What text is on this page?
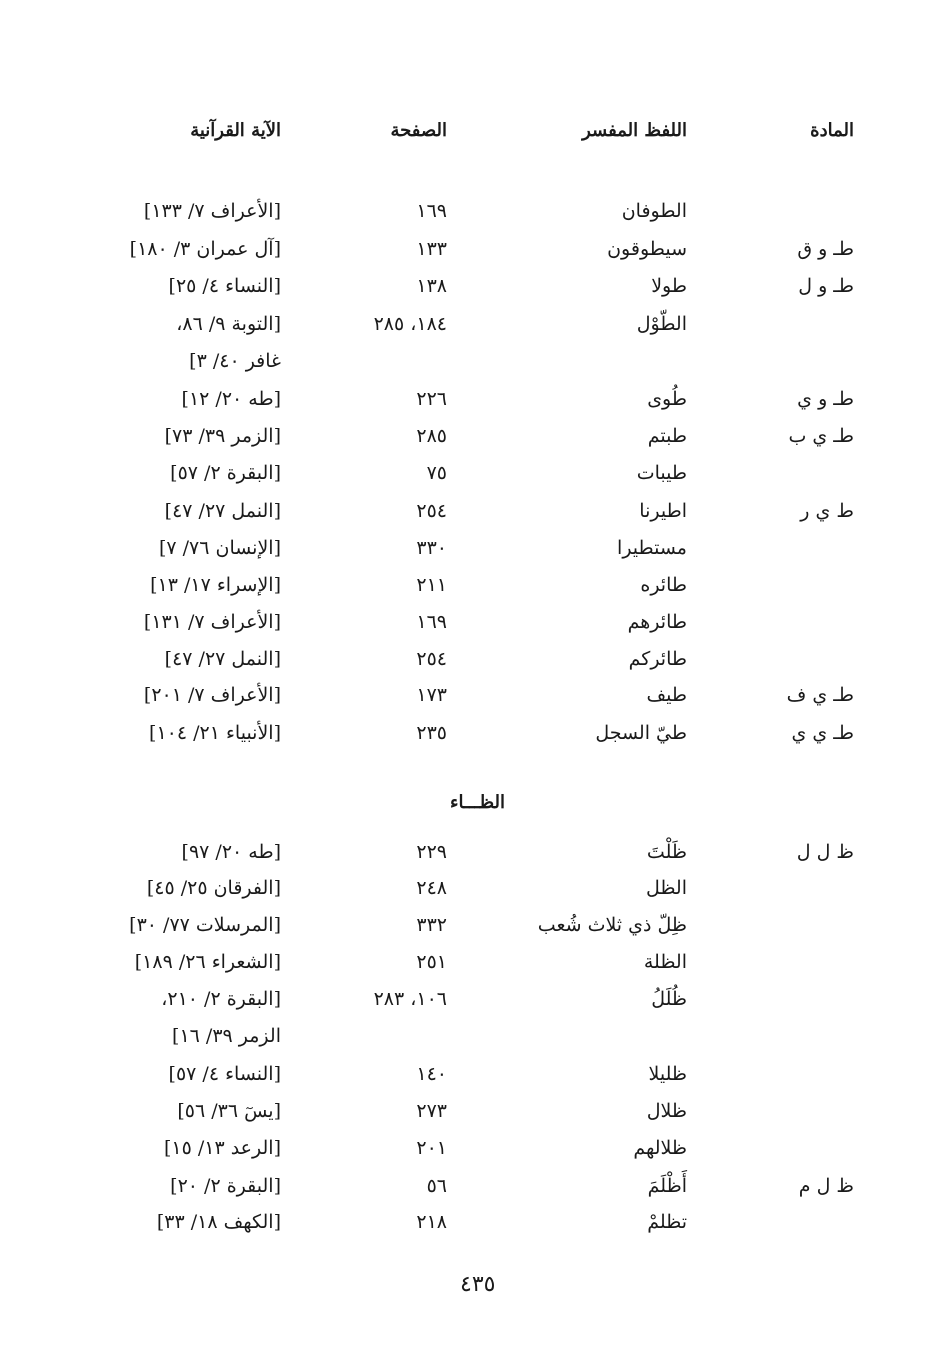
المادة
اللفظ المفسر
الصفحة
الآية القرآنية
الطوفان
١٦٩
[الأعراف ٧/ ١٣٣]
طـ و ق
سيطوقون
١٣٣
[آل عمران ٣/ ١٨٠]
طـ و ل
طولا
١٣٨
[النساء ٤/ ٢٥]
الطّوْل
١٨٤، ٢٨٥
[التوبة ٩/ ٨٦،
غافر ٤٠/ ٣]
طـ و ي
طُوى
٢٢٦
[طه ٢٠/ ١٢]
طـ ي ب
طبتم
٢٨٥
[الزمر ٣٩/ ٧٣]
طيبات
٧٥
[البقرة ٢/ ٥٧]
ط ي ر
اطيرنا
٢٥٤
[النمل ٢٧/ ٤٧]
مستطيرا
٣٣٠
[الإنسان ٧٦/ ٧]
طائره
٢١١
[الإسراء ١٧/ ١٣]
طائرهم
١٦٩
[الأعراف ٧/ ١٣١]
طائركم
٢٥٤
[النمل ٢٧/ ٤٧]
طـ ي ف
طيف
١٧٣
[الأعراف ٧/ ٢٠١]
طـ ي ي
طيّ السجل
٢٣٥
[الأنبياء ٢١/ ١٠٤]
الظـــاء
ظ ل ل
ظَلْتَ
٢٢٩
[طه ٢٠/ ٩٧]
الظل
٢٤٨
[الفرقان ٢٥/ ٤٥]
ظِلّ ذي ثلاث شُعب
٣٣٢
[المرسلات ٧٧/ ٣٠]
الظلة
٢٥١
[الشعراء ٢٦/ ١٨٩]
ظُلَلُ
١٠٦، ٢٨٣
[البقرة ٢/ ٢١٠،
الزمر ٣٩/ ١٦]
ظليلا
١٤٠
[النساء ٤/ ٥٧]
ظلال
٢٧٣
[يسٓ ٣٦/ ٥٦]
ظلالهم
٢٠١
[الرعد ١٣/ ١٥]
ظ ل م
أَظْلَمَ
٥٦
[البقرة ٢/ ٢٠]
تظلمْ
٢١٨
[الكهف ١٨/ ٣٣]
٤٣٥
